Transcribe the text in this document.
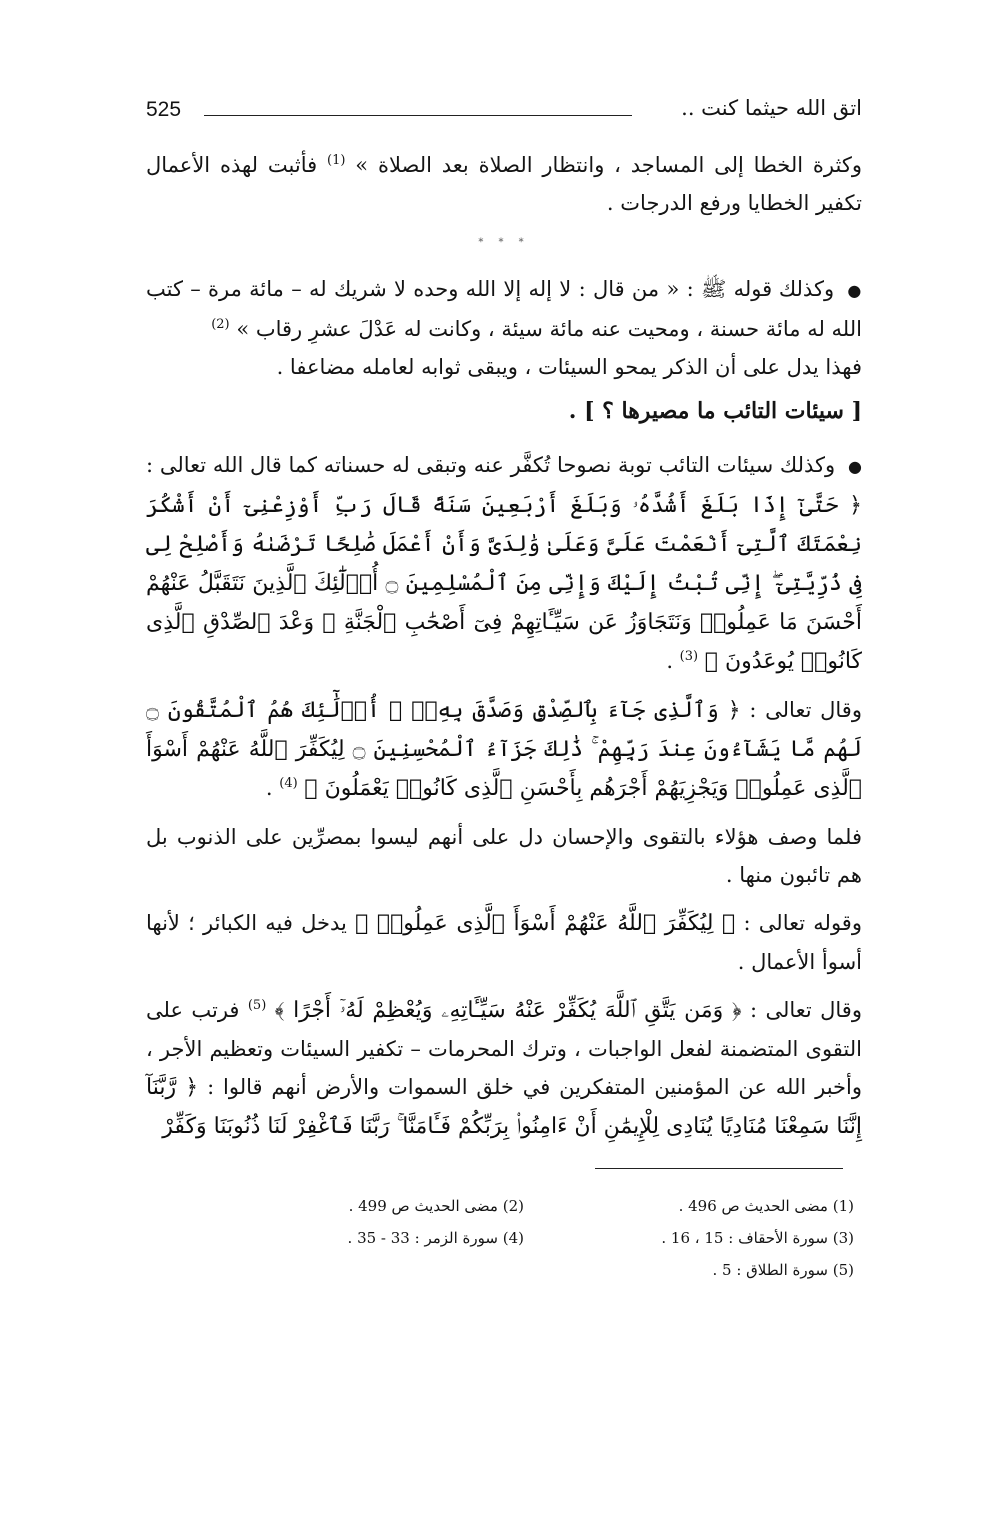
525	اتق الله حيثما كنت ..

وكثرة الخطا إلى المساجد ، وانتظار الصلاة بعد الصلاة » $^{(1)}$ فأثبت لهذه الأعمال تكفير الخطايا ورفع الدرجات .

* * *

● وكذلك قوله ﷺ : « من قال : لا إله إلا الله وحده لا شريك له – مائة مرة – كتب الله له مائة حسنة ، ومحيت عنه مائة سيئة ، وكانت له عَدْلَ عشرِ رقاب » $^{(2)}$
فهذا يدل على أن الذكر يمحو السيئات ، ويبقى ثوابه لعامله مضاعفا .

[ سيئات التائب ما مصيرها ؟ ] .

● وكذلك سيئات التائب توبة نصوحا تُكفَّر عنه وتبقى له حسناته كما قال الله تعالى : ﴿ حَتَّىٰٓ إِذَا بَلَغَ أَشُدَّهُۥ وَبَلَغَ أَرْبَعِينَ سَنَةً قَالَ رَبِّ أَوْزِعْنِىٓ أَنْ أَشْكُرَ نِعْمَتَكَ ٱلَّتِىٓ أَنْعَمْتَ عَلَىَّ وَعَلَىٰ وَٰلِدَىَّ وَأَنْ أَعْمَلَ صَٰلِحًا تَرْضَىٰهُ وَأَصْلِحْ لِى فِى ذُرِّيَّتِىٓ ۖ إِنِّى تُبْتُ إِلَيْكَ وَإِنِّى مِنَ ٱلْمُسْلِمِينَ ۝ أُو۟لَٰٓئِكَ ٱلَّذِينَ نَتَقَبَّلُ عَنْهُمْ أَحْسَنَ مَا عَمِلُوا۟ وَنَتَجَاوَزُ عَن سَيِّـَٔاتِهِمْ فِىٓ أَصْحَٰبِ ٱلْجَنَّةِ ۖ وَعْدَ ٱلصِّدْقِ ٱلَّذِى كَانُوا۟ يُوعَدُونَ ﴾ $^{(3)}$ .

وقال تعالى : ﴿ وَٱلَّذِى جَآءَ بِٱلصِّدْقِ وَصَدَّقَ بِهِۦٓ ۙ أُو۟لَٰٓئِكَ هُمُ ٱلْمُتَّقُونَ ۝ لَهُم مَّا يَشَآءُونَ عِندَ رَبِّهِمْ ۚ ذَٰلِكَ جَزَآءُ ٱلْمُحْسِنِينَ ۝ لِيُكَفِّرَ ٱللَّهُ عَنْهُمْ أَسْوَأَ ٱلَّذِى عَمِلُوا۟ وَيَجْزِيَهُمْ أَجْرَهُم بِأَحْسَنِ ٱلَّذِى كَانُوا۟ يَعْمَلُونَ ﴾ $^{(4)}$ .

فلما وصف هؤلاء بالتقوى والإحسان دل على أنهم ليسوا بمصرِّين على الذنوب بل هم تائبون منها .

وقوله تعالى : ﴿ لِيُكَفِّرَ ٱللَّهُ عَنْهُمْ أَسْوَأَ ٱلَّذِى عَمِلُوا۟ ﴾ يدخل فيه الكبائر ؛ لأنها أسوأ الأعمال .

وقال تعالى : ﴿ وَمَن يَتَّقِ ٱللَّهَ يُكَفِّرْ عَنْهُ سَيِّـَٔاتِهِۦ وَيُعْظِمْ لَهُۥٓ أَجْرًا ﴾ $^{(5)}$ فرتب على التقوى المتضمنة لفعل الواجبات ، وترك المحرمات – تكفير السيئات وتعظيم الأجر ، وأخبر الله عن المؤمنين المتفكرين في خلق السموات والأرض أنهم قالوا : ﴿ رَّبَّنَآ إِنَّنَا سَمِعْنَا مُنَادِيًا يُنَادِى لِلْإِيمَٰنِ أَنْ ءَامِنُوا۟ بِرَبِّكُمْ فَـَٔامَنَّا ۚ رَبَّنَا فَٱغْفِرْ لَنَا ذُنُوبَنَا وَكَفِّرْ

(1) مضى الحديث ص 496 .
(2) مضى الحديث ص 499 .
(3) سورة الأحقاف : 15 ، 16 .
(4) سورة الزمر : 33 - 35 .
(5) سورة الطلاق : 5 .
